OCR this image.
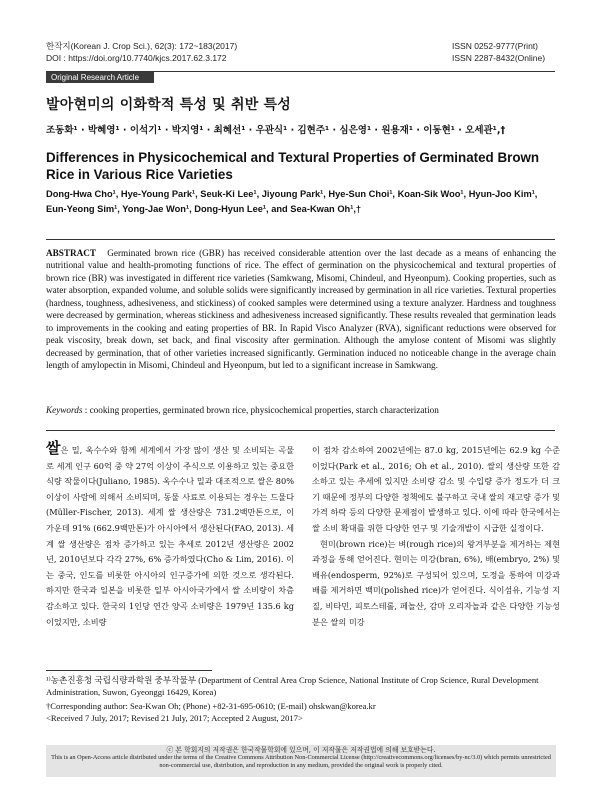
한작지(Korean J. Crop Sci.), 62(3): 172~183(2017)
DOI : https://doi.org/10.7740/kjcs.2017.62.3.172
ISSN 0252-9777(Print)
ISSN 2287-8432(Online)
Original Research Article
발아현미의 이화학적 특성 및 취반 특성
조동화¹ · 박혜영¹ · 이석기¹ · 박지영¹ · 최혜선¹ · 우관식¹ · 김현주¹ · 심은영¹ · 원용재¹ · 이동현¹ · 오세관¹,†
Differences in Physicochemical and Textural Properties of Germinated Brown Rice in Various Rice Varieties
Dong-Hwa Cho¹, Hye-Young Park¹, Seuk-Ki Lee¹, Jiyoung Park¹, Hye-Sun Choi¹, Koan-Sik Woo¹, Hyun-Joo Kim¹,
Eun-Yeong Sim¹, Yong-Jae Won¹, Dong-Hyun Lee¹, and Sea-Kwan Oh¹,†
ABSTRACT Germinated brown rice (GBR) has received considerable attention over the last decade as a means of enhancing the nutritional value and health-promoting functions of rice. The effect of germination on the physicochemical and textural properties of brown rice (BR) was investigated in different rice varieties (Samkwang, Misomi, Chindeul, and Hyeonpum). Cooking properties, such as water absorption, expanded volume, and soluble solids were significantly increased by germination in all rice varieties. Textural properties (hardness, toughness, adhesiveness, and stickiness) of cooked samples were determined using a texture analyzer. Hardness and toughness were decreased by germination, whereas stickiness and adhesiveness increased significantly. These results revealed that germination leads to improvements in the cooking and eating properties of BR. In Rapid Visco Analyzer (RVA), significant reductions were observed for peak viscosity, break down, set back, and final viscosity after germination. Although the amylose content of Misomi was slightly decreased by germination, that of other varieties increased significantly. Germination induced no noticeable change in the average chain length of amylopectin in Misomi, Chindeul and Hyeonpum, but led to a significant increase in Samkwang.
Keywords : cooking properties, germinated brown rice, physicochemical properties, starch characterization
쌀은 밀, 옥수수와 함께 세계에서 가장 많이 생산 및 소비되는 곡물로 세계 인구 60억 중 약 27억 이상이 주식으로 이용하고 있는 중요한 식량 작물이다(Juliano, 1985). 옥수수나 밀과 대조적으로 쌀은 80%이상이 사람에 의해서 소비되며, 동물 사료로 이용되는 경우는 드물다(Müller-Fischer, 2013). 세계 쌀 생산량은 731.2백만톤으로, 이 가운데 91% (662.9백만톤)가 아시아에서 생산된다(FAO, 2013). 세계 쌀 생산량은 점차 증가하고 있는 추세로 2012년 생산량은 2002년, 2010년보다 각각 27%, 6% 증가하였다(Cho & Lim, 2016). 이는 중국, 인도를 비롯한 아시아의 인구증가에 의한 것으로 생각된다. 하지만 한국과 일본을 비롯한 일부 아시아국가에서 쌀 소비량이 차츰 감소하고 있다. 한국의 1인당 연간 양곡 소비량은 1979년 135.6 kg이었지만, 소비량
이 점차 감소하여 2002년에는 87.0 kg, 2015년에는 62.9 kg 수준이었다(Park et al., 2016; Oh et al., 2010). 쌀의 생산량 또한 감소하고 있는 추세에 있지만 소비량 감소 및 수입량 증가 정도가 더 크기 때문에 정부의 다양한 정책에도 불구하고 국내 쌀의 재고량 증가 및 가격 하락 등의 다양한 문제점이 발생하고 있다. 이에 따라 한국에서는 쌀 소비 확대를 위한 다양한 연구 및 기술개발이 시급한 실정이다.
현미(brown rice)는 벼(rough rice)의 왕겨부분을 제거하는 제현과정을 통해 얻어진다. 현미는 미강(bran, 6%), 배(embryo, 2%) 및 배유(endosperm, 92%)로 구성되어 있으며, 도정을 통하여 미강과 배를 제거하면 백미(polished rice)가 얻어진다. 식이섬유, 기능성 지질, 비타민, 피토스테롤, 페놀산, 감마 오리자놀과 같은 다양한 기능성분은 쌀의 미강
¹⁾농촌진흥청 국립식량과학원 중부작물부 (Department of Central Area Crop Science, National Institute of Crop Science, Rural Development Administration, Suwon, Gyeonggi 16429, Korea)
†Corresponding author: Sea-Kwan Oh; (Phone) +82-31-695-0610; (E-mail) ohskwan@korea.kr
<Received 7 July, 2017; Revised 21 July, 2017; Accepted 2 August, 2017>
ⓒ 본 학회지의 저작권은 한국작물학회에 있으며, 이 저작물은 저작권법에 의해 보호받는다.
This is an Open-Access article distributed under the terms of the Creative Commons Attribution Non-Commercial License (http://creativecommons.org/licenses/by-nc/3.0) which permits unrestricted non-commercial use, distribution, and reproduction in any medium, provided the original work is properly cited.
